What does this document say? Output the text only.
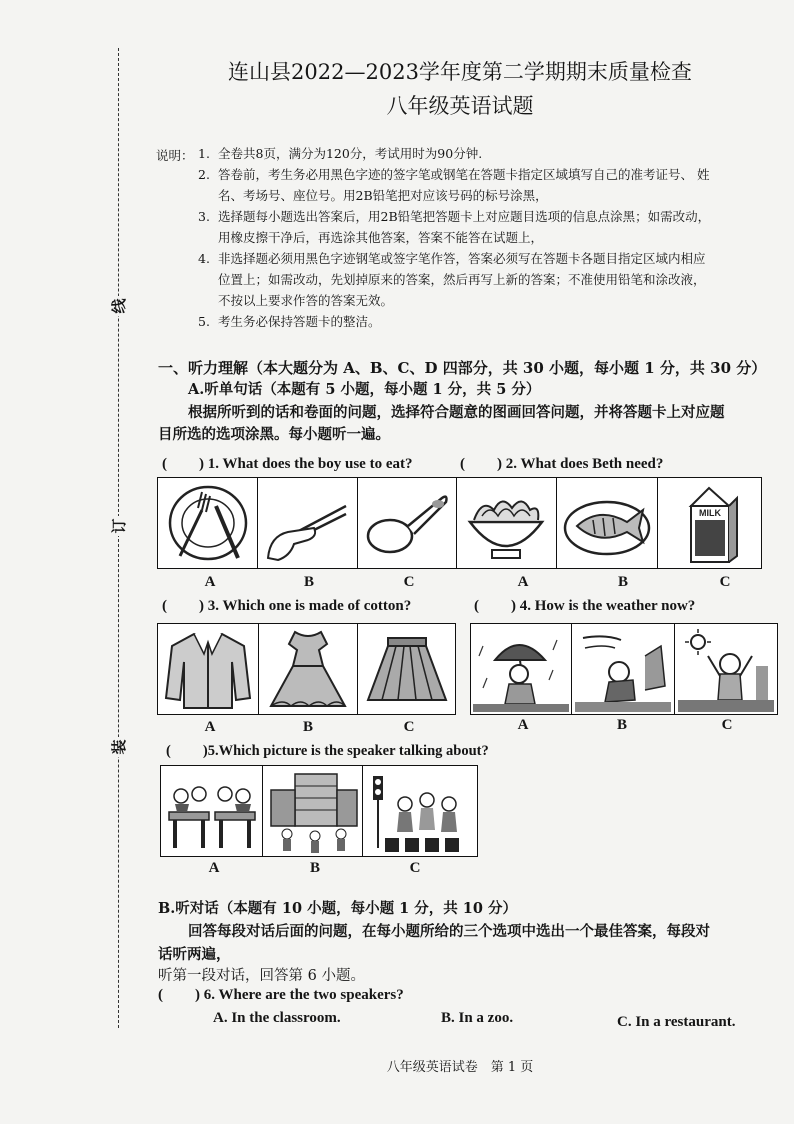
线
订
装
连山县2022—2023学年度第二学期期末质量检查
八年级英语试题
说明： 1. 全卷共8页，满分为120分，考试用时为90分钟.
2. 答卷前，考生务必用黑色字迹的签字笔或钢笔在答题卡指定区域填写自己的准考证号、 姓
名、考场号、座位号。用2B铅笔把对应该号码的标号涂黑，
3. 选择题每小题选出答案后，用2B铅笔把答题卡上对应题目选项的信息点涂黑；如需改动，
用橡皮擦干净后，再选涂其他答案，答案不能答在试题上，
4. 非选择题必须用黑色字迹钢笔或签字笔作答，答案必须写在答题卡各题目指定区域内相应
位置上；如需改动，先划掉原来的答案，然后再写上新的答案；不准使用铅笔和涂改液，
不按以上要求作答的答案无效。
5. 考生务必保持答题卡的整洁。
一、听力理解（本大题分为 A、B、C、D 四部分，共 30 小题，每小题 1 分，共 30 分）
A.听单句话（本题有 5 小题，每小题 1 分，共 5 分）
根据所听到的话和卷面的问题，选择符合题意的图画回答问题，并将答题卡上对应题
目所选的选项涂黑。每小题听一遍。
( ) 1. What does the boy use to eat?	( ) 2. What does Beth need?
MILK
A	B	C	A	B	C
( ) 3. Which one is made of cotton?	( ) 4. How is the weather now?
A	B	C	A	B	C
( )5.Which picture is the speaker talking about?
A	B	C
B.听对话（本题有 10 小题，每小题 1 分，共 10 分）
回答每段对话后面的问题，在每小题所给的三个选项中选出一个最佳答案，每段对
话听两遍，
听第一段对话，回答第 6 小题。
( ) 6. Where are the two speakers?
A. In the classroom.	B. In a zoo.	C. In a restaurant.
八年级英语试卷　第 1 页
